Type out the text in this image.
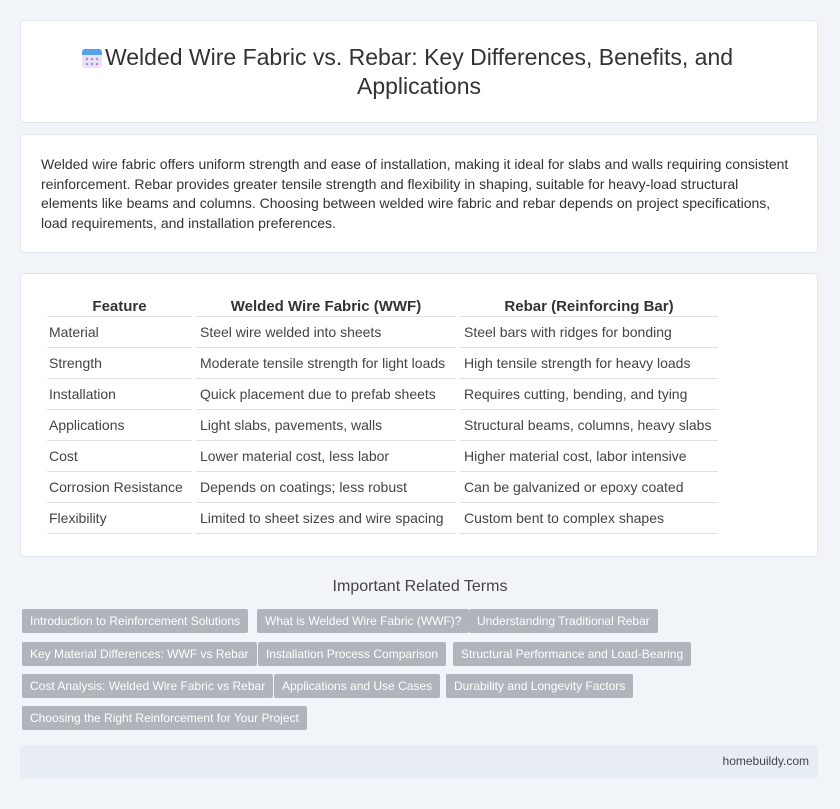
Welded Wire Fabric vs. Rebar: Key Differences, Benefits, and
Applications

Welded wire fabric offers uniform strength and ease of installation, making it ideal for slabs and walls requiring consistent reinforcement. Rebar provides greater tensile strength and flexibility in shaping, suitable for heavy-load structural elements like beams and columns. Choosing between welded wire fabric and rebar depends on project specifications, load requirements, and installation preferences.

Feature	Welded Wire Fabric (WWF)	Rebar (Reinforcing Bar)
Material	Steel wire welded into sheets	Steel bars with ridges for bonding
Strength	Moderate tensile strength for light loads	High tensile strength for heavy loads
Installation	Quick placement due to prefab sheets	Requires cutting, bending, and tying
Applications	Light slabs, pavements, walls	Structural beams, columns, heavy slabs
Cost	Lower material cost, less labor	Higher material cost, labor intensive
Corrosion Resistance	Depends on coatings; less robust	Can be galvanized or epoxy coated
Flexibility	Limited to sheet sizes and wire spacing	Custom bent to complex shapes
Important Related Terms
Introduction to Reinforcement Solutions	What is Welded Wire Fabric (WWF)?	Understanding Traditional Rebar
Key Material Differences: WWF vs Rebar	Installation Process Comparison	Structural Performance and Load-Bearing
Cost Analysis: Welded Wire Fabric vs Rebar	Applications and Use Cases	Durability and Longevity Factors
Choosing the Right Reinforcement for Your Project
homebuildy.com
